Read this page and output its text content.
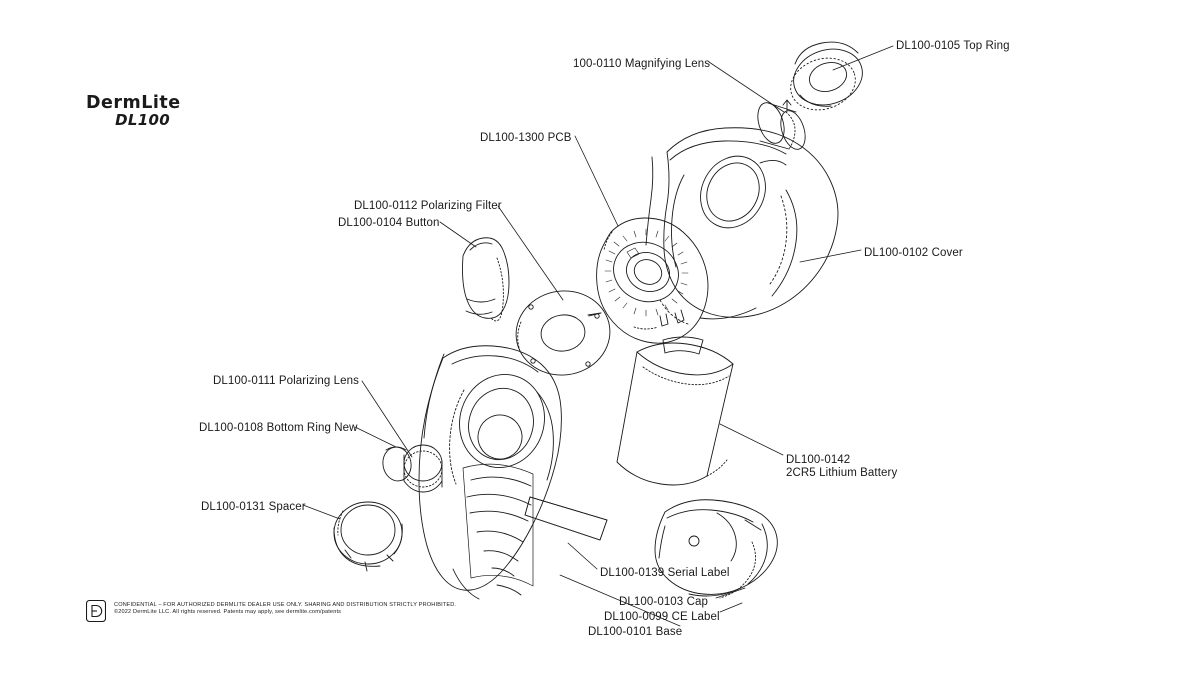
DermLite
DL100
DL100-0105 Top Ring
100-0110 Magnifying Lens
DL100-1300 PCB
DL100-0112 Polarizing Filter
DL100-0104 Button
DL100-0102 Cover
DL100-0111 Polarizing Lens
DL100-0108 Bottom Ring New
DL100-0142
2CR5 Lithium Battery
DL100-0131 Spacer
DL100-0139 Serial Label
DL100-0103 Cap
DL100-0099 CE Label
DL100-0101 Base
CONFIDENTIAL – FOR AUTHORIZED DERMLITE DEALER USE ONLY. SHARING AND DISTRIBUTION STRICTLY PROHIBITED.
©2022 DermLite LLC. All rights reserved. Patents may apply, see dermlite.com/patents
